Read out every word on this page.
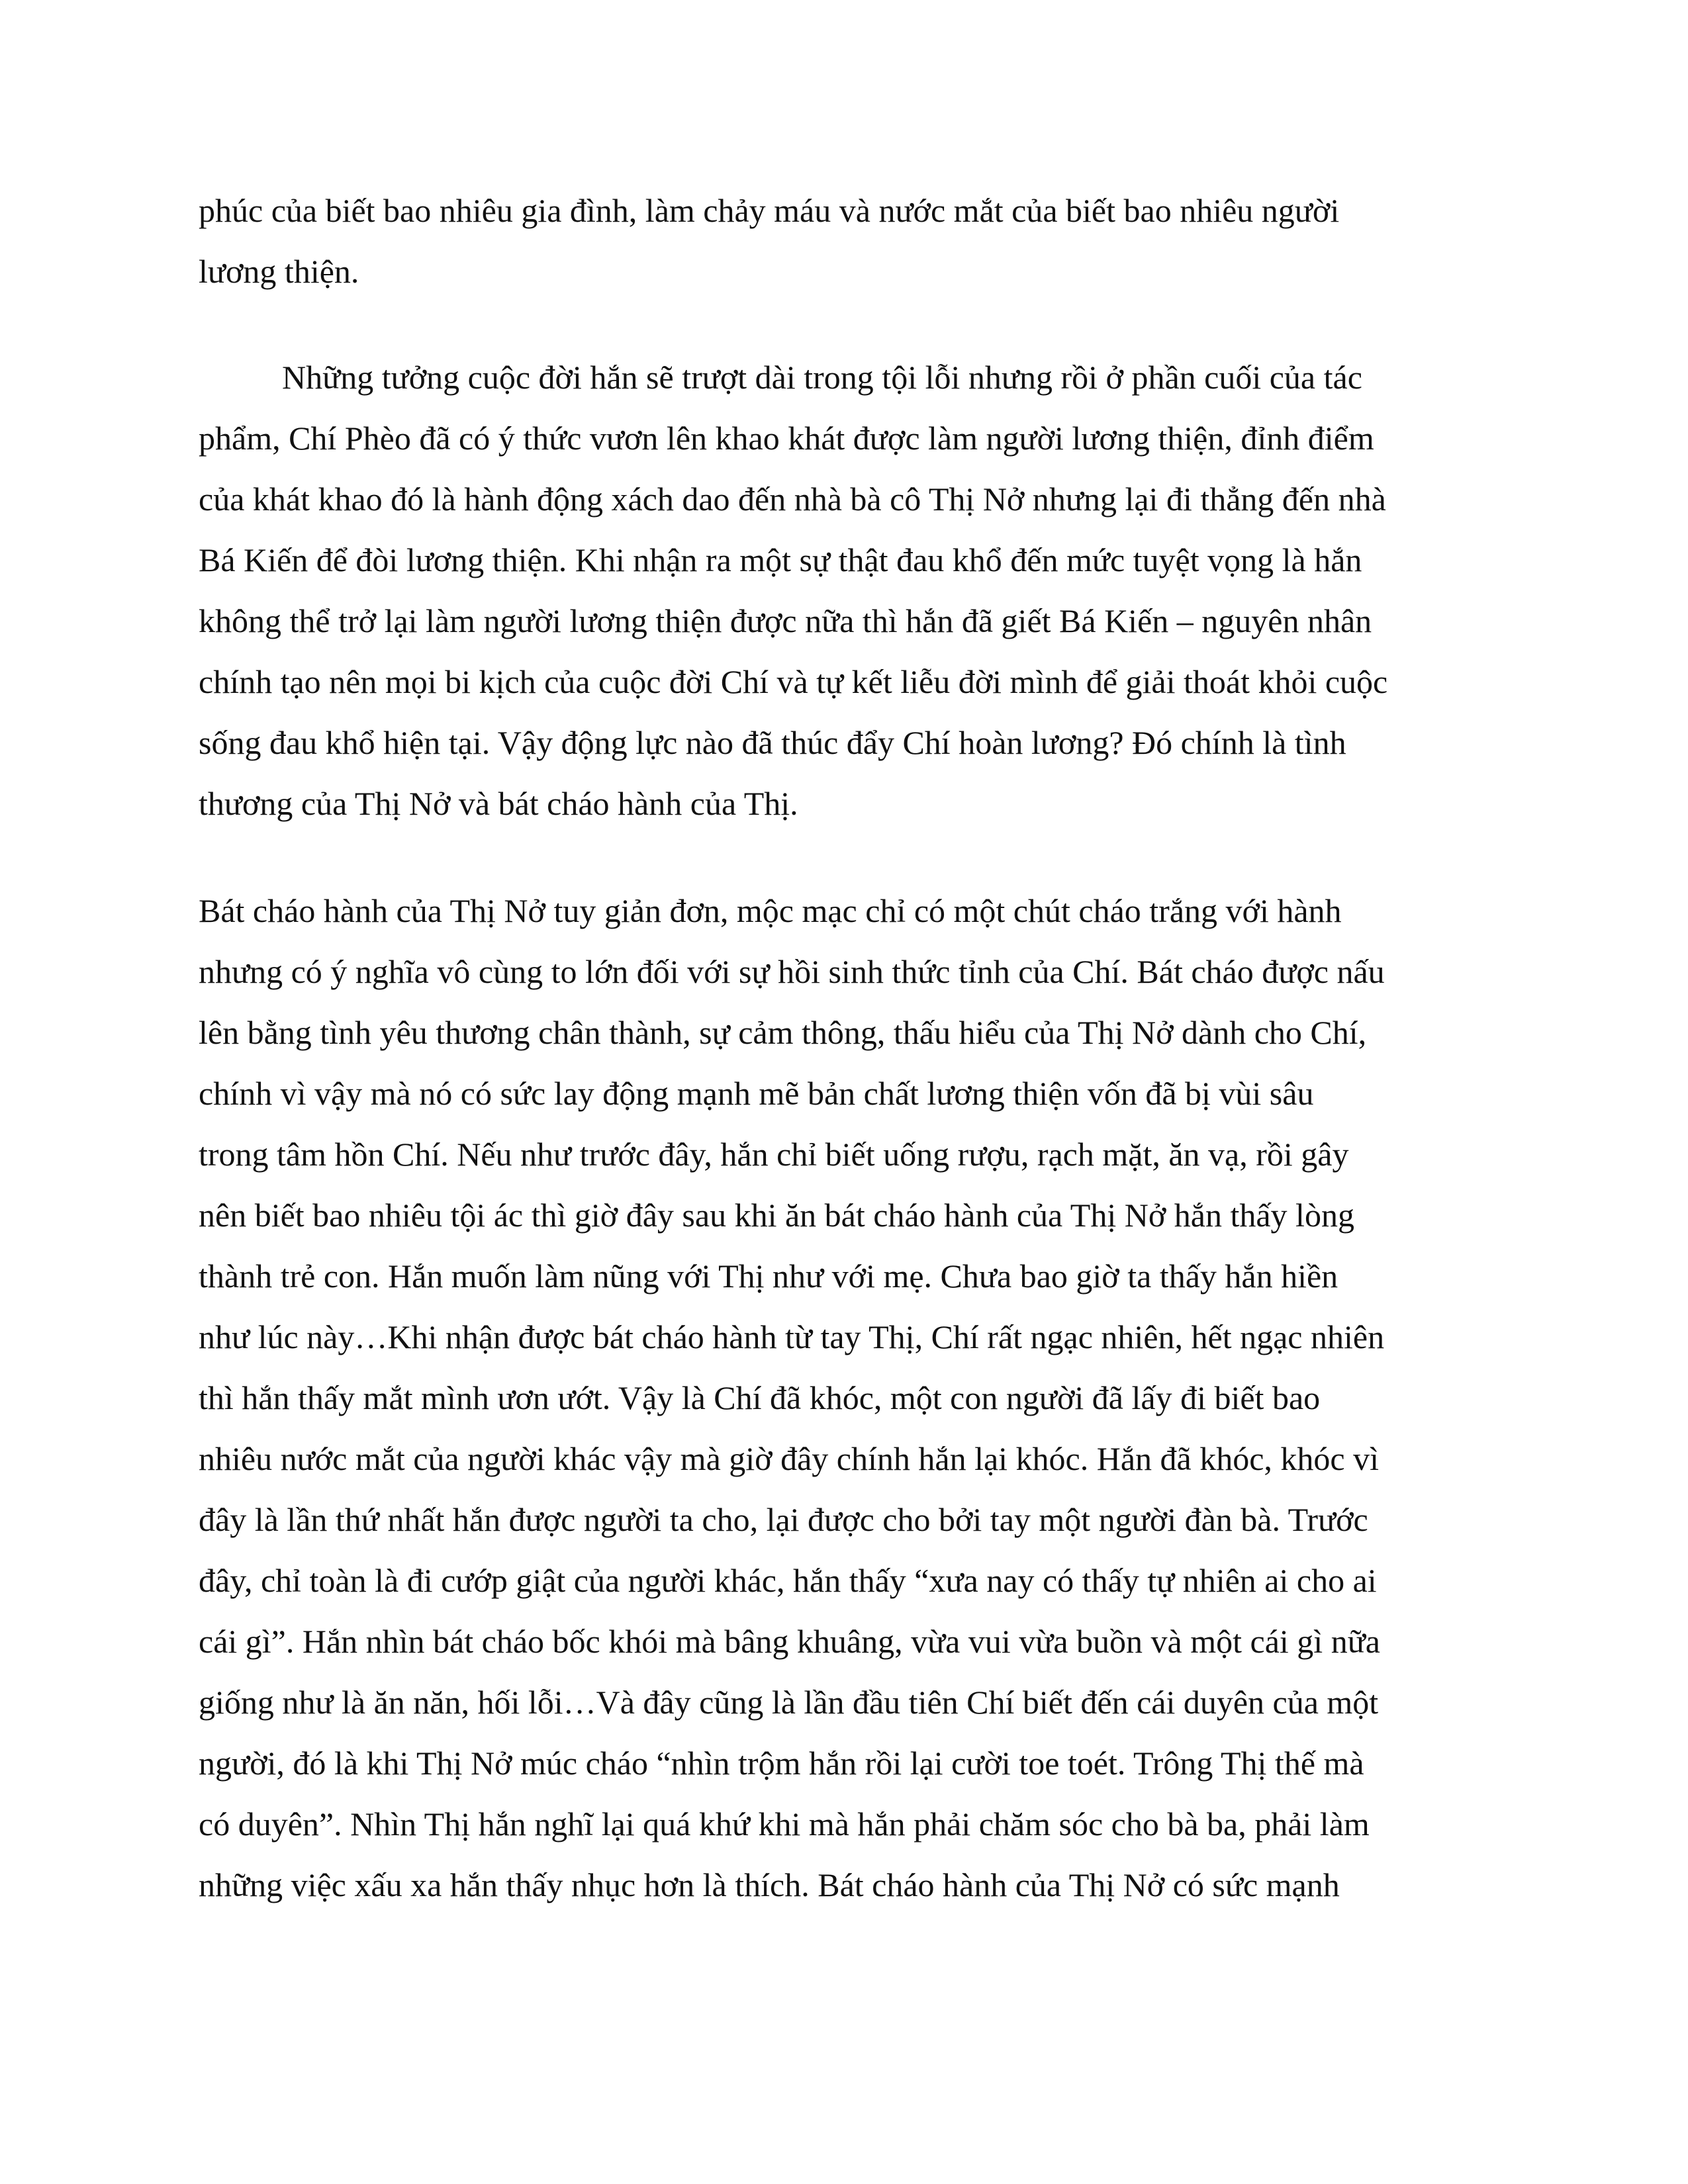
phúc của biết bao nhiêu gia đình, làm chảy máu và nước mắt của biết bao nhiêu người
lương thiện.
Những tưởng cuộc đời hắn sẽ trượt dài trong tội lỗi nhưng rồi ở phần cuối của tác
phẩm, Chí Phèo đã có ý thức vươn lên khao khát được làm người lương thiện, đỉnh điểm
của khát khao đó là hành động xách dao đến nhà bà cô Thị Nở nhưng lại đi thẳng đến nhà
Bá Kiến để đòi lương thiện. Khi nhận ra một sự thật đau khổ đến mức tuyệt vọng là hắn
không thể trở lại làm người lương thiện được nữa thì hắn đã giết Bá Kiến – nguyên nhân
chính tạo nên mọi bi kịch của cuộc đời Chí và tự kết liễu đời mình để giải thoát khỏi cuộc
sống đau khổ hiện tại. Vậy động lực nào đã thúc đẩy Chí hoàn lương? Đó chính là tình
thương của Thị Nở và bát cháo hành của Thị.
Bát cháo hành của Thị Nở tuy giản đơn, mộc mạc chỉ có một chút cháo trắng với hành
nhưng có ý nghĩa vô cùng to lớn đối với sự hồi sinh thức tỉnh của Chí. Bát cháo được nấu
lên bằng tình yêu thương chân thành, sự cảm thông, thấu hiểu của Thị Nở dành cho Chí,
chính vì vậy mà nó có sức lay động mạnh mẽ bản chất lương thiện vốn đã bị vùi sâu
trong tâm hồn Chí. Nếu như trước đây, hắn chỉ biết uống rượu, rạch mặt, ăn vạ, rồi gây
nên biết bao nhiêu tội ác thì giờ đây sau khi ăn bát cháo hành của Thị Nở hắn thấy lòng
thành trẻ con. Hắn muốn làm nũng với Thị như với mẹ. Chưa bao giờ ta thấy hắn hiền
như lúc này…Khi nhận được bát cháo hành từ tay Thị, Chí rất ngạc nhiên, hết ngạc nhiên
thì hắn thấy mắt mình ươn ướt. Vậy là Chí đã khóc, một con người đã lấy đi biết bao
nhiêu nước mắt của người khác vậy mà giờ đây chính hắn lại khóc. Hắn đã khóc, khóc vì
đây là lần thứ nhất hắn được người ta cho, lại được cho bởi tay một người đàn bà. Trước
đây, chỉ toàn là đi cướp giật của người khác, hắn thấy “xưa nay có thấy tự nhiên ai cho ai
cái gì”. Hắn nhìn bát cháo bốc khói mà bâng khuâng, vừa vui vừa buồn và một cái gì nữa
giống như là ăn năn, hối lỗi…Và đây cũng là lần đầu tiên Chí biết đến cái duyên của một
người, đó là khi Thị Nở múc cháo “nhìn trộm hắn rồi lại cười toe toét. Trông Thị thế mà
có duyên”. Nhìn Thị hắn nghĩ lại quá khứ khi mà hắn phải chăm sóc cho bà ba, phải làm
những việc xấu xa hắn thấy nhục hơn là thích. Bát cháo hành của Thị Nở có sức mạnh
